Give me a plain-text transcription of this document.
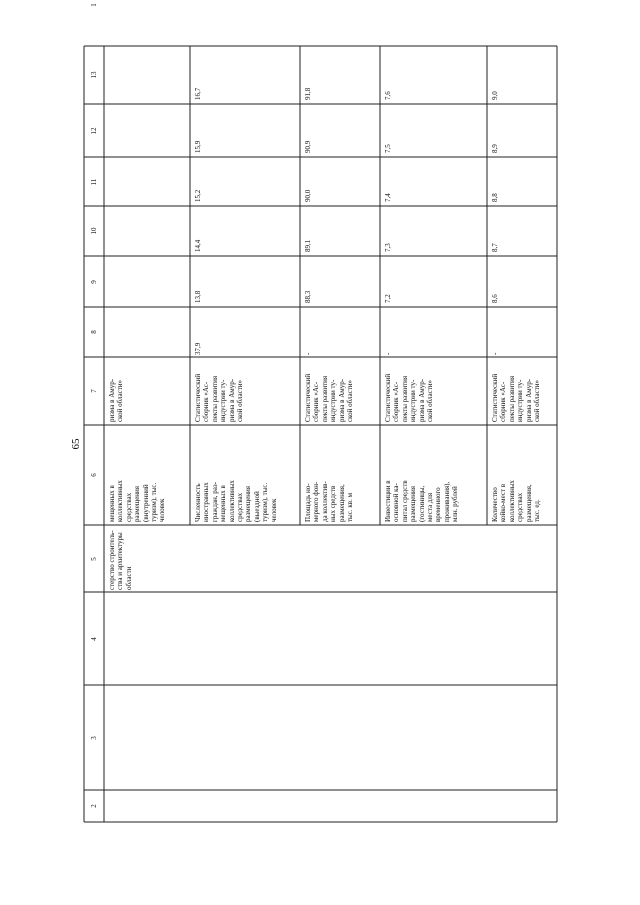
65
13
12
11
10
9
8
7
6
5
4
3
2
1
стерство строитель-
ства и архитектуры
области
мещенных в
коллективных
средствах
размещения
(внутренний
туризм), тыс.
человек
ризма в Амур-
ской области»
Численность
иностранных
граждан, раз-
мещенных в
коллективных
средствах
размещения
(выездной
туризм), тыс.
человек
Статистический
сборник «Ас-
пекты развития
индустрии ту-
ризма в Амур-
ской области»
37,9
13,8
14,4
15,2
15,9
16,7
Площадь но-
мерного фон-
да коллектив-
ных средств
размещения,
тыс. кв. м
Статистический
сборник «Ас-
пекты развития
индустрии ту-
ризма в Амур-
ской области»
-
88,3
89,1
90,0
90,9
91,8
Инвестиции в
основной ка-
питал средств
размещения
(гостиницы,
места для
временного
проживания),
млн. рублей
Статистический
сборник «Ас-
пекты развития
индустрии ту-
ризма в Амур-
ской области»
-
7,2
7,3
7,4
7,5
7,6
Количество
койко-мест в
коллективных
средствах
размещения,
тыс. ед.
Статистический
сборник «Ас-
пекты развития
индустрии ту-
ризма в Амур-
ской области»
-
8,6
8,7
8,8
8,9
9,0
